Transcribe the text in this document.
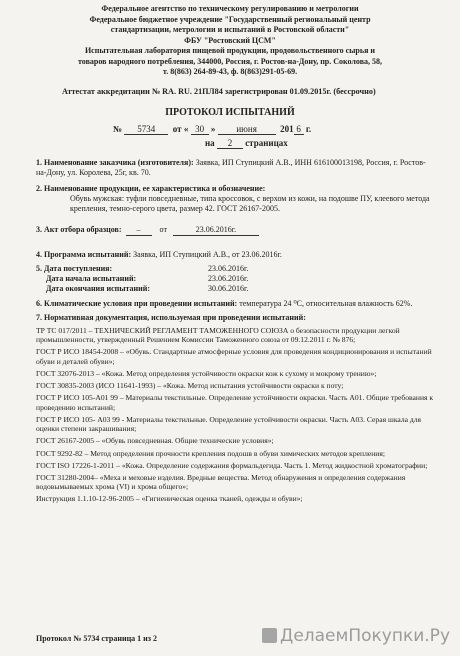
Федеральное агентство по техническому регулированию и метрологии
Федеральное бюджетное учреждение "Государственный региональный центр
стандартизации, метрологии и испытаний в Ростовской области"
ФБУ "Ростовский ЦСМ"
Испытательная лаборатория пищевой продукции, продовольственного сырья и
товаров народного потребления, 344000, Россия, г. Ростов-на-Дону, пр. Соколова, 58,
т. 8(863) 264-89-43, ф. 8(863)291-05-69.
Аттестат аккредитации № RA. RU. 21ПЛ84 зарегистрирован 01.09.2015г. (бессрочно)
ПРОТОКОЛ ИСПЫТАНИЙ
№ 5734 от « 30 » июня	201 6 г.
на 2 страницах
1. Наименование заказчика (изготовителя): Заявка, ИП Ступицкий А.В., ИНН 616100013198, Россия, г. Ростов-на-Дону, ул. Королева, 25г, кв. 70.
2. Наименование продукции, ее характеристика и обозначение:
Обувь мужская: туфли повседневные, типа кроссовок, с верхом из кожи, на подошве ПУ, клеевого метода крепления, темно-серого цвета, размер 42. ГОСТ 26167-2005.
3. Акт отбора образцов: – от	23.06.2016г.
4. Программа испытаний: Заявка, ИП Ступицкий А.В., от 23.06.2016г.
5. Дата поступления:	23.06.2016г.
Дата начала испытаний:	23.06.2016г.
Дата окончания испытаний:	30.06.2016г.
6. Климатические условия при проведении испытаний: температура 24 ⁰С, относительная влажность 62%.
7. Нормативная документация, используемая при проведении испытаний:

ТР ТС 017/2011 – ТЕХНИЧЕСКИЙ РЕГЛАМЕНТ ТАМОЖЕННОГО СОЮЗА о безопасности продукции легкой промышленности, утвержденный Решением Комиссии Таможенного союза от 09.12.2011 г. № 876;

ГОСТ Р ИСО 18454-2008 – «Обувь. Стандартные атмосферные условия для проведения кондиционирования и испытаний обуви и деталей обуви»;

ГОСТ 32076-2013 – «Кожа. Метод определения устойчивости окраски кож к сухому и мокрому трению»;

ГОСТ 30835-2003 (ИСО 11641-1993) – «Кожа. Метод испытания устойчивости окраски к поту;

ГОСТ Р ИСО 105-А01 99 – Материалы текстильные. Определение устойчивости окраски. Часть А01. Общие требования к проведению испытаний;

ГОСТ Р ИСО 105- А03 99 - Материалы текстильные. Определение устойчивости окраски. Часть А03. Серая шкала для оценки степени закрашивания;

ГОСТ 26167-2005 – «Обувь повседневная. Общие технические условия»;

ГОСТ 9292-82 – Метод определения прочности крепления подошв в обуви химических методов крепления;

ГОСТ ISO 17226-1-2011 – «Кожа. Определение содержания формальдегида. Часть 1. Метод жидкостной хроматографии;

ГОСТ 31280-2004– «Меха и меховые изделия. Вредные вещества. Метод обнаружения и определения содержания водовымываемых хрома (VI) и хрома общего»;

Инструкция 1.1.10-12-96-2005 – «Гигиеническая оценка тканей, одежды и обуви»;

Протокол № 5734 страница 1 из 2	ДелаемПокупки.Ру
